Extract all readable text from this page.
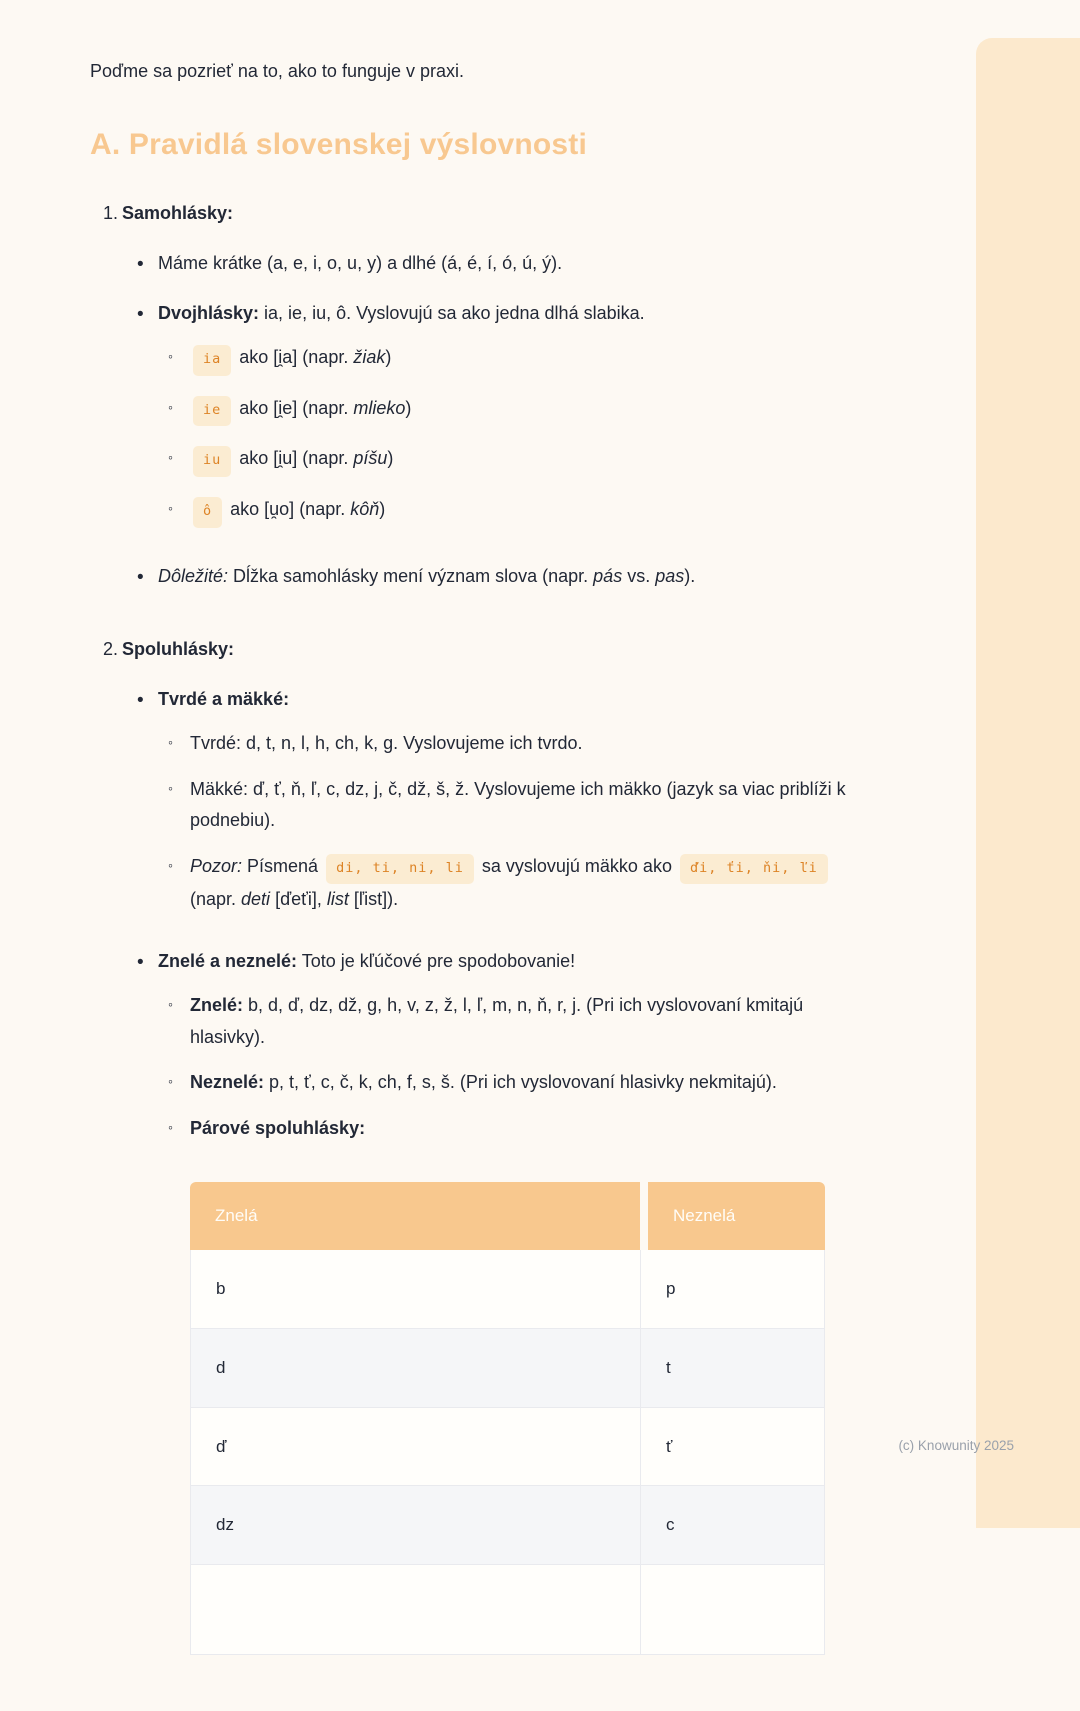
Poďme sa pozrieť na to, ako to funguje v praxi.

A. Pravidlá slovenskej výslovnosti
1. Samohlásky:
• Máme krátke (a, e, i, o, u, y) a dlhé (á, é, í, ó, ú, ý).
• Dvojhlásky: ia, ie, iu, ô. Vyslovujú sa ako jedna dlhá slabika.
◦	ia ako [i̯a] (napr. žiak)
◦	ie ako [i̯e] (napr. mlieko)
◦	iu ako [i̯u] (napr. píšu)
◦	ô ako [u̯o] (napr. kôň)
• Dôležité: Dĺžka samohlásky mení význam slova (napr. pás vs. pas).
2. Spoluhlásky:
• Tvrdé a mäkké:
◦ Tvrdé: d, t, n, l, h, ch, k, g. Vyslovujeme ich tvrdo.
◦ Mäkké: ď, ť, ň, ľ, c, dz, j, č, dž, š, ž. Vyslovujeme ich mäkko (jazyk sa viac priblíži k podnebiu).
◦ Pozor: Písmená di, ti, ni, li sa vyslovujú mäkko ako ďi, ťi, ňi, ľi (napr. deti [ďeťi], list [ľist]).
• Znelé a neznelé: Toto je kľúčové pre spodobovanie!
◦ Znelé: b, d, ď, dz, dž, g, h, v, z, ž, l, ľ, m, n, ň, r, j. (Pri ich vyslovovaní kmitajú hlasivky).
◦ Neznelé: p, t, ť, c, č, k, ch, f, s, š. (Pri ich vyslovovaní hlasivky nekmitajú).
◦ Párové spoluhlásky:
Znelá	Neznelá
b	p
d	t
ď	ť
dz	c
(c) Knowunity 2025
